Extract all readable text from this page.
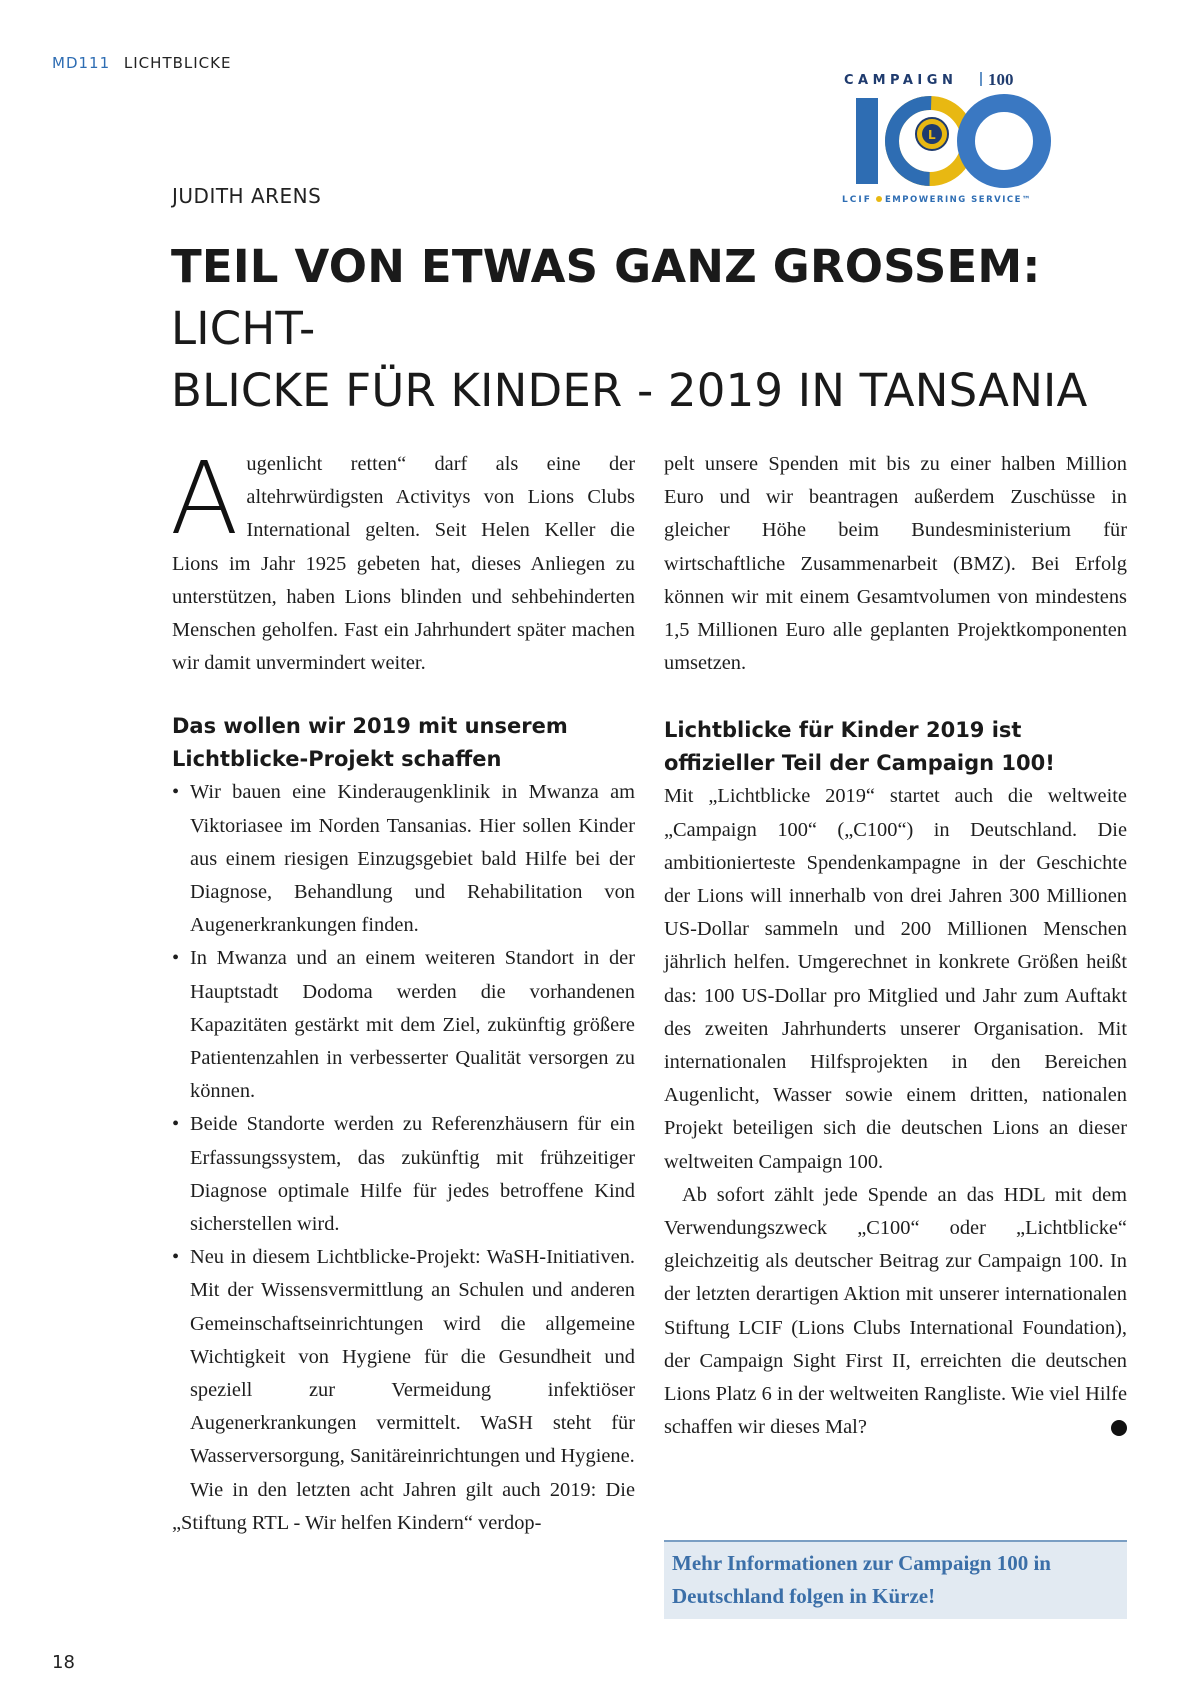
MD111 LICHTBLICKE
CAMPAIGN 100
L
LCIF EMPOWERING SERVICE™
JUDITH ARENS
TEIL VON ETWAS GANZ GROSSEM: LICHT-
BLICKE FÜR KINDER - 2019 IN TANSANIA

Augenlicht retten“ darf als eine der altehrwürdigsten Activitys von Lions Clubs International gelten. Seit Helen Keller die Lions im Jahr 1925 gebeten hat, dieses Anliegen zu unterstützen, haben Lions blinden und sehbehinderten Menschen geholfen. Fast ein Jahrhundert später machen wir damit unvermindert weiter.

Das wollen wir 2019 mit unserem Lichtblicke-Projekt schaffen
• Wir bauen eine Kinderaugenklinik in Mwanza am Viktoriasee im Norden Tansanias. Hier sollen Kinder aus einem riesigen Einzugsgebiet bald Hilfe bei der Diagnose, Behandlung und Rehabilitation von Augenerkrankungen finden.
• In Mwanza und an einem weiteren Standort in der Hauptstadt Dodoma werden die vorhandenen Kapazitäten gestärkt mit dem Ziel, zukünftig größere Patientenzahlen in verbesserter Qualität versorgen zu können.
• Beide Standorte werden zu Referenzhäusern für ein Erfassungssystem, das zukünftig mit frühzeitiger Diagnose optimale Hilfe für jedes betroffene Kind sicherstellen wird.
• Neu in diesem Lichtblicke-Projekt: WaSH-Initiativen. Mit der Wissensvermittlung an Schulen und anderen Gemeinschaftseinrichtungen wird die allgemeine Wichtigkeit von Hygiene für die Gesundheit und speziell zur Vermeidung infektiöser Augenerkrankungen vermittelt. WaSH steht für Wasserversorgung, Sanitäreinrichtungen und Hygiene.

Wie in den letzten acht Jahren gilt auch 2019: Die „Stiftung RTL - Wir helfen Kindern“ verdop-

pelt unsere Spenden mit bis zu einer halben Million Euro und wir beantragen außerdem Zuschüsse in gleicher Höhe beim Bundesministerium für wirtschaftliche Zusammenarbeit (BMZ). Bei Erfolg können wir mit einem Gesamtvolumen von mindestens 1,5 Millionen Euro alle geplanten Projektkomponenten umsetzen.

Lichtblicke für Kinder 2019 ist offizieller Teil der Campaign 100!

Mit „Lichtblicke 2019“ startet auch die weltweite „Campaign 100“ („C100“) in Deutschland. Die ambitionierteste Spendenkampagne in der Geschichte der Lions will innerhalb von drei Jahren 300 Millionen US-Dollar sammeln und 200 Millionen Menschen jährlich helfen. Umgerechnet in konkrete Größen heißt das: 100 US-Dollar pro Mitglied und Jahr zum Auftakt des zweiten Jahrhunderts unserer Organisation. Mit internationalen Hilfsprojekten in den Bereichen Augenlicht, Wasser sowie einem dritten, nationalen Projekt beteiligen sich die deutschen Lions an dieser weltweiten Campaign 100.

Ab sofort zählt jede Spende an das HDL mit dem Verwendungszweck „C100“ oder „Lichtblicke“ gleichzeitig als deutscher Beitrag zur Campaign 100. In der letzten derartigen Aktion mit unserer internationalen Stiftung LCIF (Lions Clubs International Foundation), der Campaign Sight First II, erreichten die deutschen Lions Platz 6 in der weltweiten Rangliste. Wie viel Hilfe schaffen wir dieses Mal?	L

Mehr Informationen zur Campaign 100 in Deutschland folgen in Kürze!
18
